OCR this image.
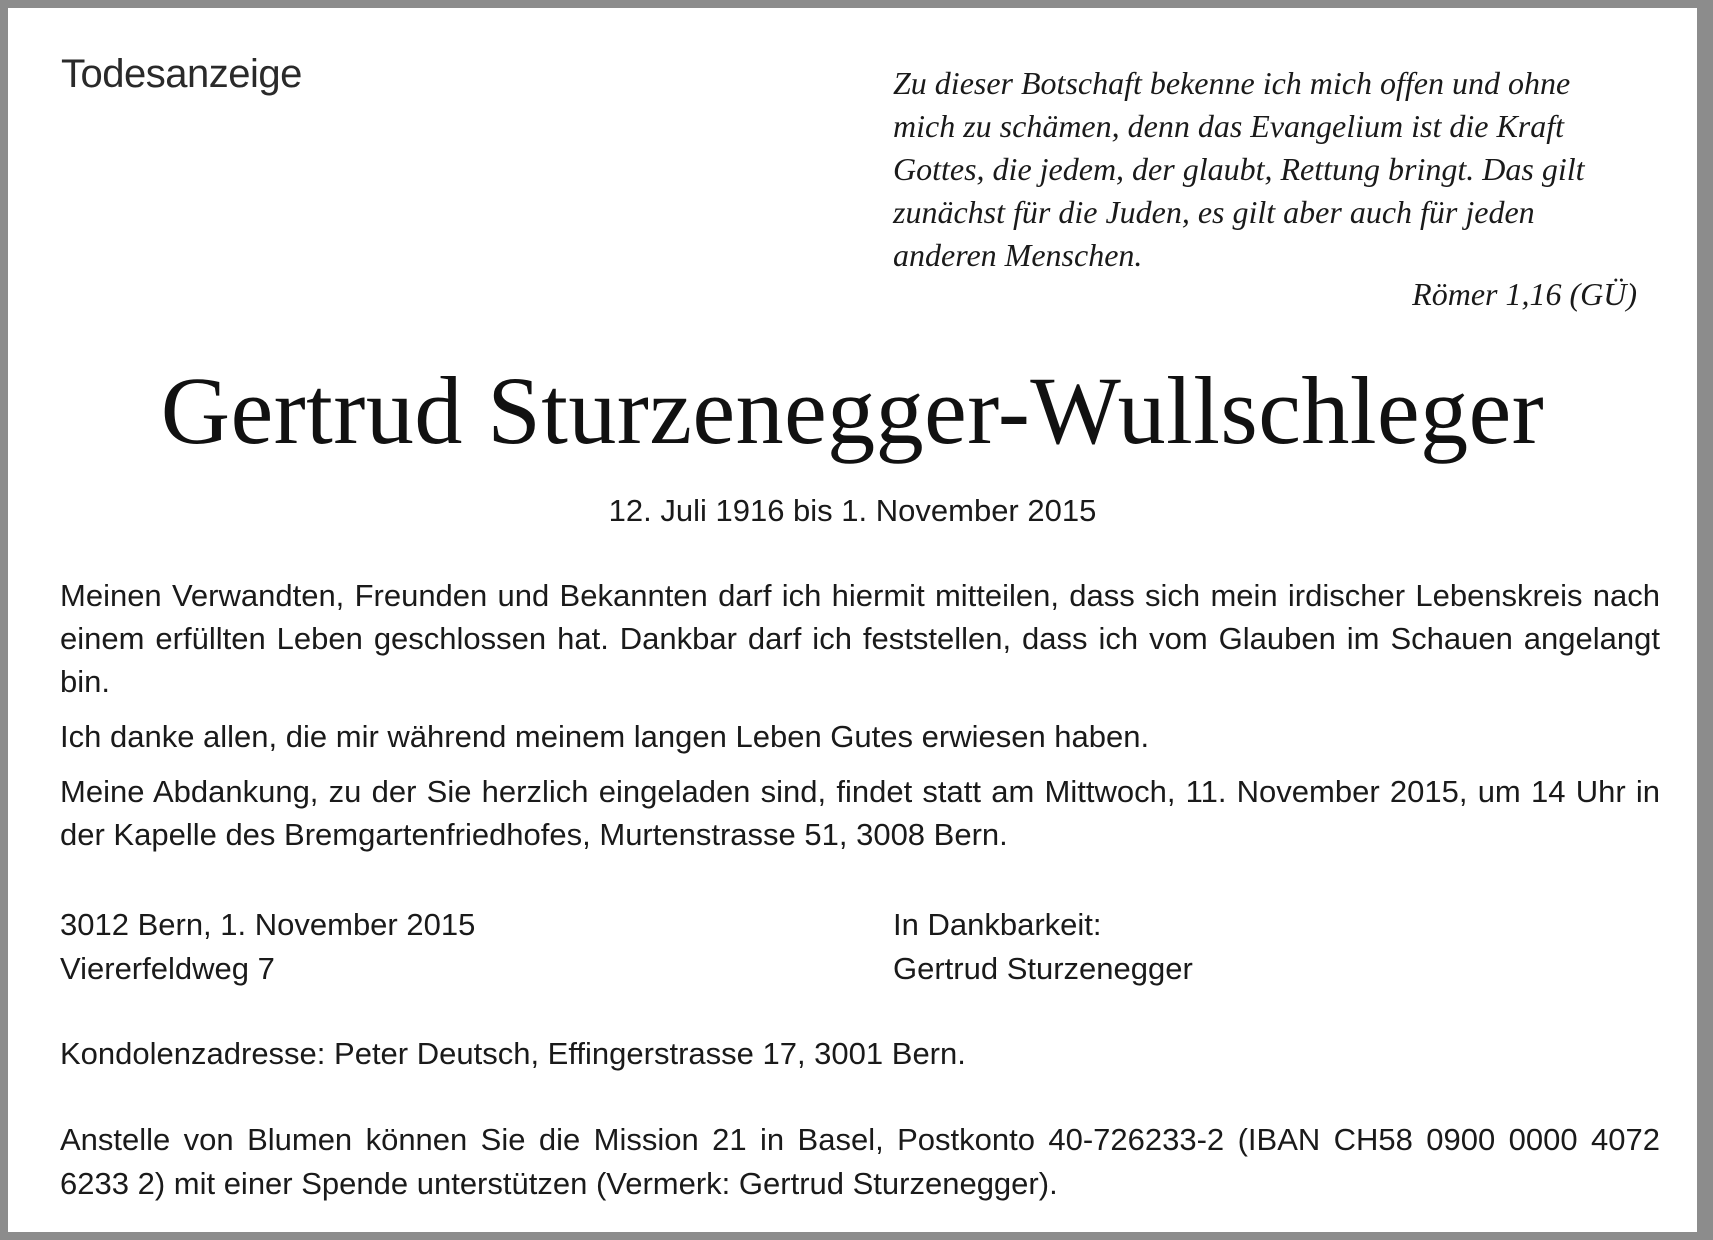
Todesanzeige	Zu dieser Botschaft bekenne ich mich offen und ohne
mich zu schämen, denn das Evangelium ist die Kraft
Gottes, die jedem, der glaubt, Rettung bringt. Das gilt
zunächst für die Juden, es gilt aber auch für jeden
anderen Menschen.
Römer 1,16 (GÜ)
Gertrud Sturzenegger-Wullschleger
12. Juli 1916 bis 1. November 2015

Meinen Verwandten, Freunden und Bekannten darf ich hiermit mitteilen, dass sich mein irdischer Lebenskreis nach einem erfüllten Leben geschlossen hat. Dankbar darf ich feststellen, dass ich vom Glauben im Schauen angelangt bin.

Ich danke allen, die mir während meinem langen Leben Gutes erwiesen haben.

Meine Abdankung, zu der Sie herzlich eingeladen sind, findet statt am Mittwoch, 11. November 2015, um 14 Uhr in der Kapelle des Bremgartenfriedhofes, Murtenstrasse 51, 3008 Bern.

3012 Bern, 1. November 2015
Viererfeldweg 7
In Dankbarkeit:
Gertrud Sturzenegger
Kondolenzadresse: Peter Deutsch, Effingerstrasse 17, 3001 Bern.
Anstelle von Blumen können Sie die Mission 21 in Basel, Postkonto 40-726233-2 (IBAN CH58 0900 0000 4072 6233 2) mit einer Spende unterstützen (Vermerk: Gertrud Sturzenegger).
